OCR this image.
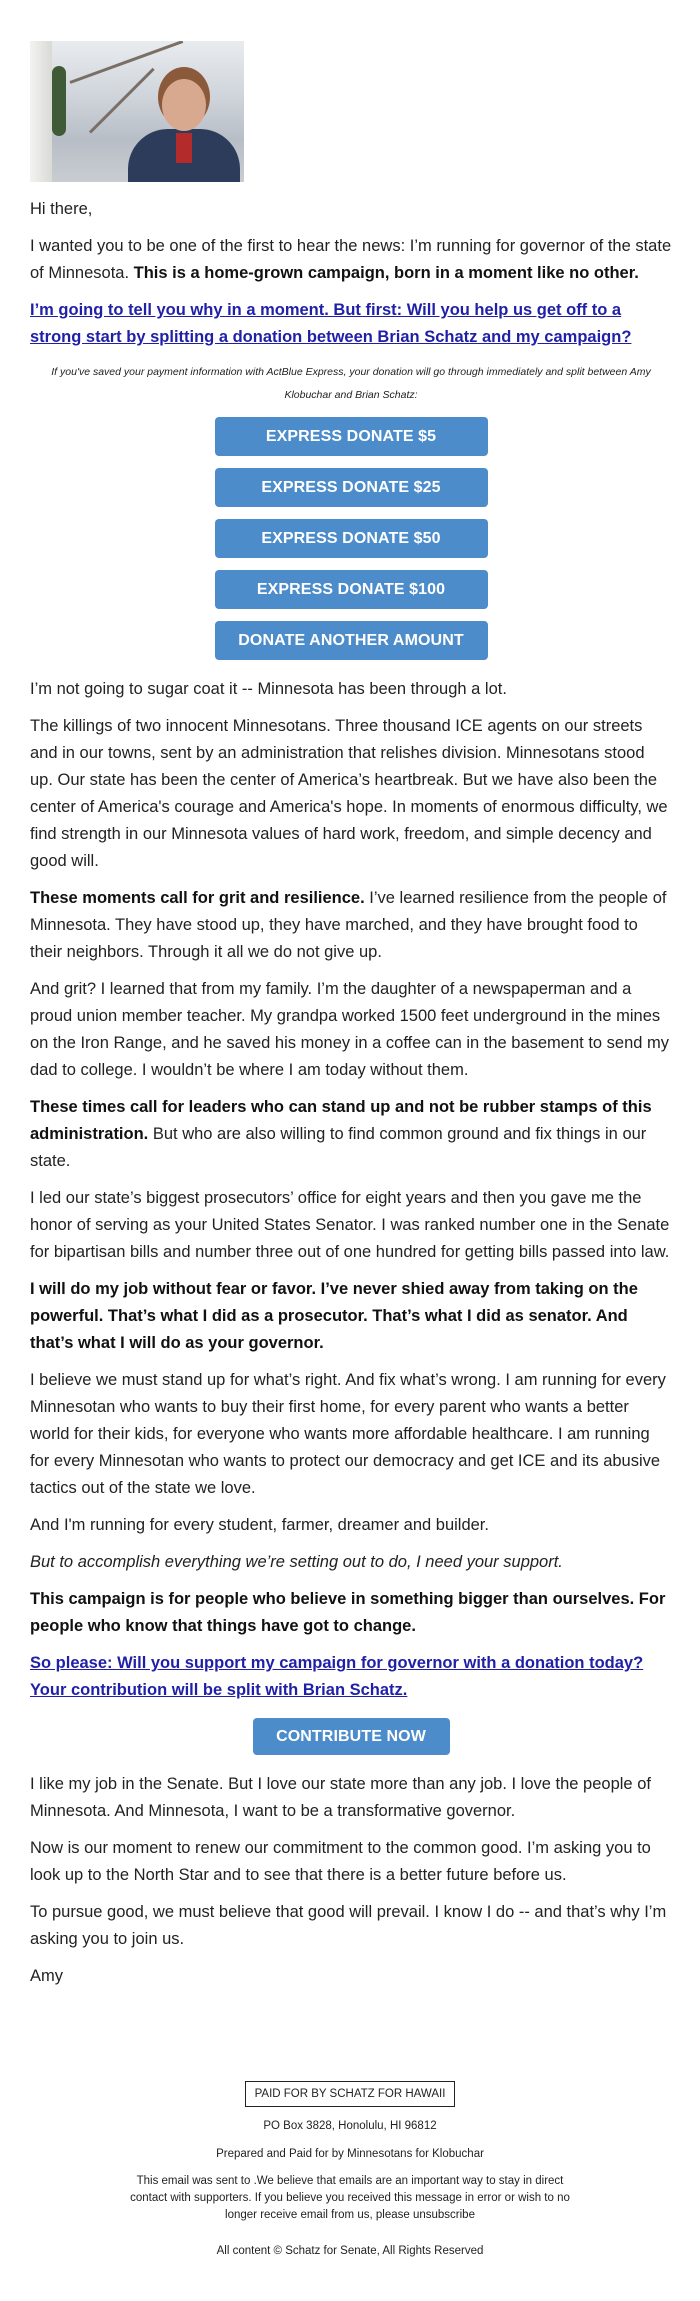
Hi there,

I wanted you to be one of the first to hear the news: I’m running for governor of the state of Minnesota. This is a home-grown campaign, born in a moment like no other.

I’m going to tell you why in a moment. But first: Will you help us get off to a strong start by splitting a donation between Brian Schatz and my campaign?

If you've saved your payment information with ActBlue Express, your donation will go through immediately and split between Amy Klobuchar and Brian Schatz:
EXPRESS DONATE $5
EXPRESS DONATE $25
EXPRESS DONATE $50
EXPRESS DONATE $100
DONATE ANOTHER AMOUNT

I’m not going to sugar coat it -- Minnesota has been through a lot.

The killings of two innocent Minnesotans. Three thousand ICE agents on our streets and in our towns, sent by an administration that relishes division. Minnesotans stood up. Our state has been the center of America’s heartbreak. But we have also been the center of America's courage and America's hope. In moments of enormous difficulty, we find strength in our Minnesota values of hard work, freedom, and simple decency and good will.

These moments call for grit and resilience. I’ve learned resilience from the people of Minnesota. They have stood up, they have marched, and they have brought food to their neighbors. Through it all we do not give up.

And grit? I learned that from my family. I’m the daughter of a newspaperman and a proud union member teacher. My grandpa worked 1500 feet underground in the mines on the Iron Range, and he saved his money in a coffee can in the basement to send my dad to college. I wouldn’t be where I am today without them.

These times call for leaders who can stand up and not be rubber stamps of this administration. But who are also willing to find common ground and fix things in our state.

I led our state’s biggest prosecutors’ office for eight years and then you gave me the honor of serving as your United States Senator. I was ranked number one in the Senate for bipartisan bills and number three out of one hundred for getting bills passed into law.

I will do my job without fear or favor. I’ve never shied away from taking on the powerful. That’s what I did as a prosecutor. That’s what I did as senator. And that’s what I will do as your governor.

I believe we must stand up for what’s right. And fix what’s wrong. I am running for every Minnesotan who wants to buy their first home, for every parent who wants a better world for their kids, for everyone who wants more affordable healthcare. I am running for every Minnesotan who wants to protect our democracy and get ICE and its abusive tactics out of the state we love.

And I'm running for every student, farmer, dreamer and builder.

But to accomplish everything we’re setting out to do, I need your support.

This campaign is for people who believe in something bigger than ourselves. For people who know that things have got to change.

So please: Will you support my campaign for governor with a donation today? Your contribution will be split with Brian Schatz.

CONTRIBUTE NOW

I like my job in the Senate. But I love our state more than any job. I love the people of Minnesota. And Minnesota, I want to be a transformative governor.

Now is our moment to renew our commitment to the common good. I’m asking you to look up to the North Star and to see that there is a better future before us.

To pursue good, we must believe that good will prevail. I know I do -- and that’s why I’m asking you to join us.

Amy

PAID FOR BY SCHATZ FOR HAWAII

PO Box 3828, Honolulu, HI 96812

Prepared and Paid for by Minnesotans for Klobuchar

This email was sent to .We believe that emails are an important way to stay in direct contact with supporters. If you believe you received this message in error or wish to no longer receive email from us, please unsubscribe

All content © Schatz for Senate, All Rights Reserved
